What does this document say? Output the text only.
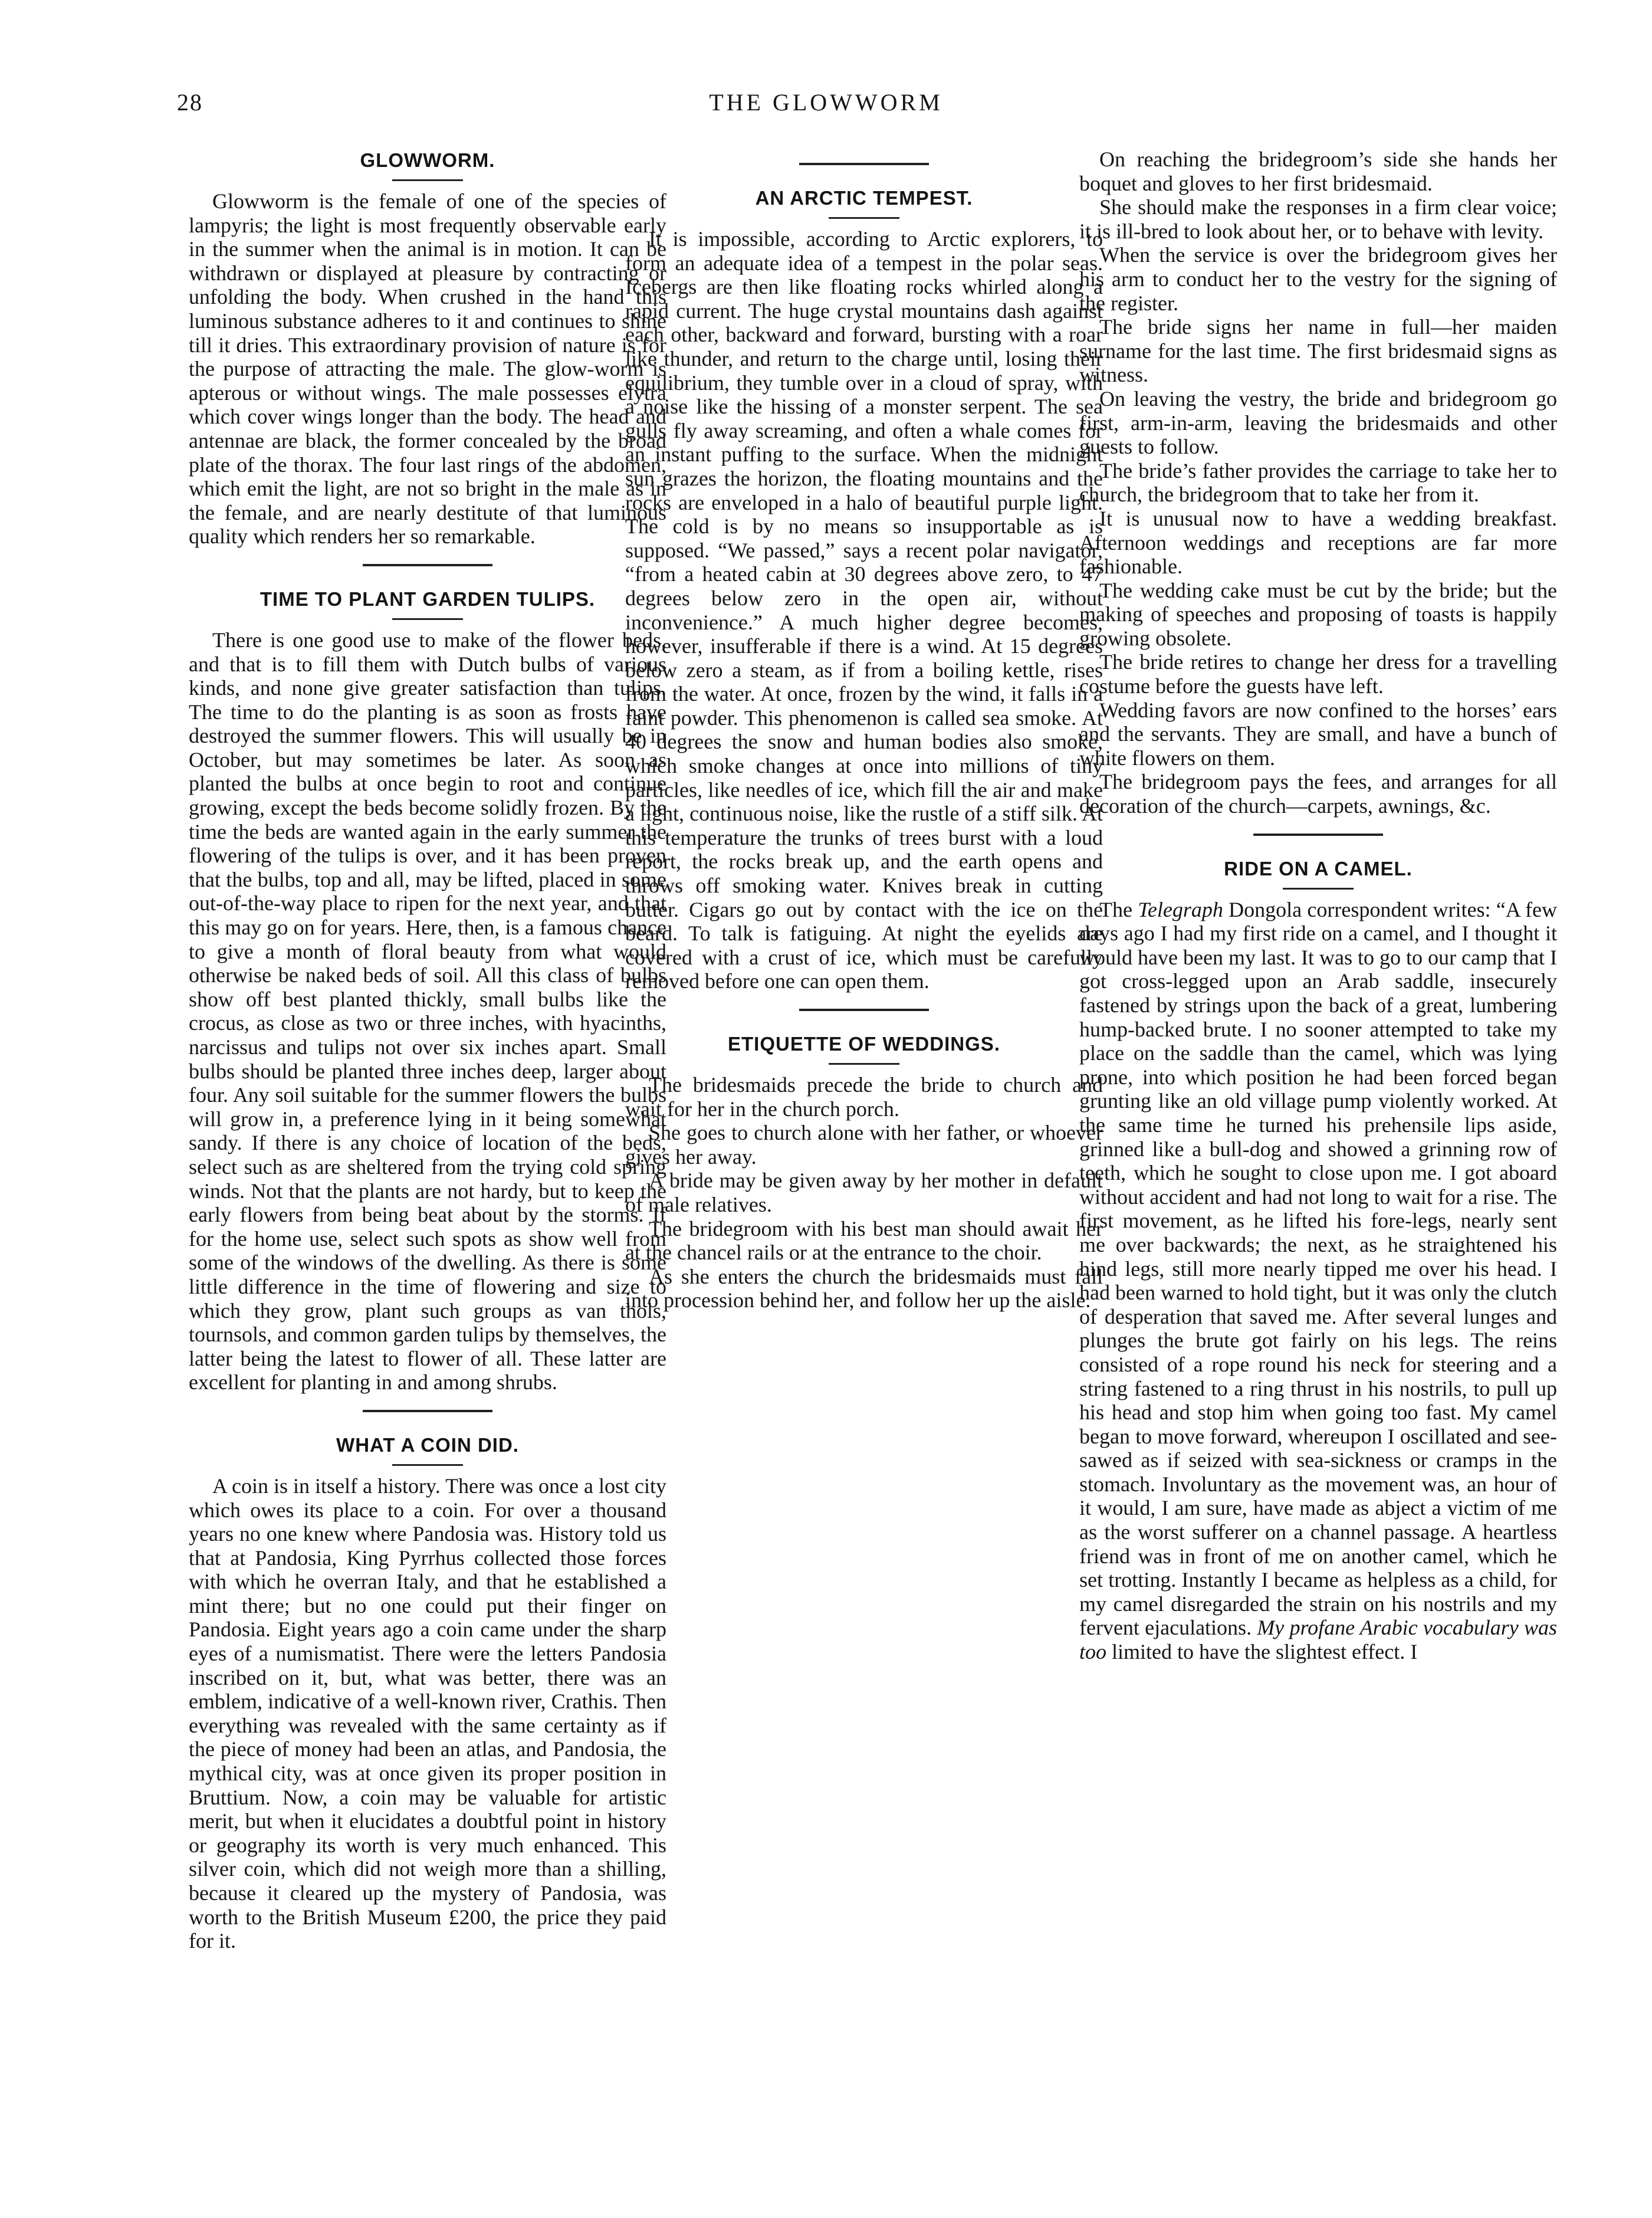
28	THE GLOWWORM
GLOWWORM.

Glowworm is the female of one of the species of lampyris; the light is most frequently observable early in the summer when the animal is in motion. It can be withdrawn or displayed at pleasure by contracting or unfolding the body. When crushed in the hand this luminous substance adheres to it and continues to shine till it dries. This extraordinary provision of nature is for the purpose of attracting the male. The glow-worm is apterous or without wings. The male possesses elytra which cover wings longer than the body. The head and antennae are black, the former concealed by the broad plate of the thorax. The four last rings of the abdomen, which emit the light, are not so bright in the male as in the female, and are nearly destitute of that luminous quality which renders her so remarkable.

TIME TO PLANT GARDEN TULIPS.

There is one good use to make of the flower beds, and that is to fill them with Dutch bulbs of various kinds, and none give greater satisfaction than tulips. The time to do the planting is as soon as frosts have destroyed the summer flowers. This will usually be in October, but may sometimes be later. As soon as planted the bulbs at once begin to root and continue growing, except the beds become solidly frozen. By the time the beds are wanted again in the early summer the flowering of the tulips is over, and it has been proven that the bulbs, top and all, may be lifted, placed in some out-of-the-way place to ripen for the next year, and that this may go on for years. Here, then, is a famous chance to give a month of floral beauty from what would otherwise be naked beds of soil. All this class of bulbs show off best planted thickly, small bulbs like the crocus, as close as two or three inches, with hyacinths, narcissus and tulips not over six inches apart. Small bulbs should be planted three inches deep, larger about four. Any soil suitable for the summer flowers the bulbs will grow in, a preference lying in it being somewhat sandy. If there is any choice of location of the beds, select such as are sheltered from the trying cold spring winds. Not that the plants are not hardy, but to keep the early flowers from being beat about by the storms. If for the home use, select such spots as show well from some of the windows of the dwelling. As there is some little difference in the time of flowering and size to which they grow, plant such groups as van thols, tournsols, and common garden tulips by themselves, the latter being the latest to flower of all. These latter are excellent for planting in and among shrubs.

WHAT A COIN DID.

A coin is in itself a history. There was once a lost city which owes its place to a coin. For over a thousand years no one knew where Pandosia was. History told us that at Pandosia, King Pyrrhus collected those forces with which he overran Italy, and that he established a mint there; but no one could put their finger on Pandosia. Eight years ago a coin came under the sharp eyes of a numismatist. There were the letters Pandosia inscribed on it, but, what was better, there was an emblem, indicative of a well-known river, Crathis. Then everything was revealed with the same certainty as if the piece of money had been an atlas, and Pandosia, the mythical city, was at once given its proper position in Bruttium. Now, a coin may be valuable for artistic merit, but when it elucidates a doubtful point in history or geography its worth is very much enhanced. This silver coin, which did not weigh more than a shilling, because it cleared up the mystery of Pandosia, was worth to the British Museum £200, the price they paid for it.

AN ARCTIC TEMPEST.

It is impossible, according to Arctic explorers, to form an adequate idea of a tempest in the polar seas. Icebergs are then like floating rocks whirled along a rapid current. The huge crystal mountains dash against each other, backward and forward, bursting with a roar like thunder, and return to the charge until, losing their equilibrium, they tumble over in a cloud of spray, with a noise like the hissing of a monster serpent. The sea gulls fly away screaming, and often a whale comes for an instant puffing to the surface. When the midnight sun grazes the horizon, the floating mountains and the rocks are enveloped in a halo of beautiful purple light. The cold is by no means so insupportable as is supposed. “We passed,” says a recent polar navigator, “from a heated cabin at 30 degrees above zero, to 47 degrees below zero in the open air, without inconvenience.” A much higher degree becomes, however, insufferable if there is a wind. At 15 degrees below zero a steam, as if from a boiling kettle, rises from the water. At once, frozen by the wind, it falls in a faint powder. This phenomenon is called sea smoke. At 40 degrees the snow and human bodies also smoke, which smoke changes at once into millions of tiny particles, like needles of ice, which fill the air and make a light, continuous noise, like the rustle of a stiff silk. At this temperature the trunks of trees burst with a loud report, the rocks break up, and the earth opens and throws off smoking water. Knives break in cutting butter. Cigars go out by contact with the ice on the beard. To talk is fatiguing. At night the eyelids are covered with a crust of ice, which must be carefully removed before one can open them.

ETIQUETTE OF WEDDINGS.

The bridesmaids precede the bride to church and wait for her in the church porch.

She goes to church alone with her father, or whoever gives her away.

A bride may be given away by her mother in default of male relatives.

The bridegroom with his best man should await her at the chancel rails or at the entrance to the choir.

As she enters the church the bridesmaids must fall into procession behind her, and follow her up the aisle.

On reaching the bridegroom’s side she hands her boquet and gloves to her first bridesmaid.

She should make the responses in a firm clear voice; it is ill-bred to look about her, or to behave with levity.

When the service is over the bridegroom gives her his arm to conduct her to the vestry for the signing of the register.

The bride signs her name in full—her maiden surname for the last time. The first bridesmaid signs as witness.

On leaving the vestry, the bride and bridegroom go first, arm-in-arm, leaving the bridesmaids and other guests to follow.

The bride’s father provides the carriage to take her to church, the bridegroom that to take her from it.

It is unusual now to have a wedding breakfast. Afternoon weddings and receptions are far more fashionable.

The wedding cake must be cut by the bride; but the making of speeches and proposing of toasts is happily growing obsolete.

The bride retires to change her dress for a travelling costume before the guests have left.

Wedding favors are now confined to the horses’ ears and the servants. They are small, and have a bunch of white flowers on them.

The bridegroom pays the fees, and arranges for all decoration of the church—carpets, awnings, &c.

RIDE ON A CAMEL.

The Telegraph Dongola correspondent writes: “A few days ago I had my first ride on a camel, and I thought it would have been my last. It was to go to our camp that I got cross-legged upon an Arab saddle, insecurely fastened by strings upon the back of a great, lumbering hump-backed brute. I no sooner attempted to take my place on the saddle than the camel, which was lying prone, into which position he had been forced began grunting like an old village pump violently worked. At the same time he turned his prehensile lips aside, grinned like a bull-dog and showed a grinning row of teeth, which he sought to close upon me. I got aboard without accident and had not long to wait for a rise. The first movement, as he lifted his fore-legs, nearly sent me over backwards; the next, as he straightened his hind legs, still more nearly tipped me over his head. I had been warned to hold tight, but it was only the clutch of desperation that saved me. After several lunges and plunges the brute got fairly on his legs. The reins consisted of a rope round his neck for steering and a string fastened to a ring thrust in his nostrils, to pull up his head and stop him when going too fast. My camel began to move forward, whereupon I oscillated and see-sawed as if seized with sea-sickness or cramps in the stomach. Involuntary as the movement was, an hour of it would, I am sure, have made as abject a victim of me as the worst sufferer on a channel passage. A heartless friend was in front of me on another camel, which he set trotting. Instantly I became as helpless as a child, for my camel disregarded the strain on his nostrils and my fervent ejaculations. My profane Arabic vocabulary was too limited to have the slightest effect. I
